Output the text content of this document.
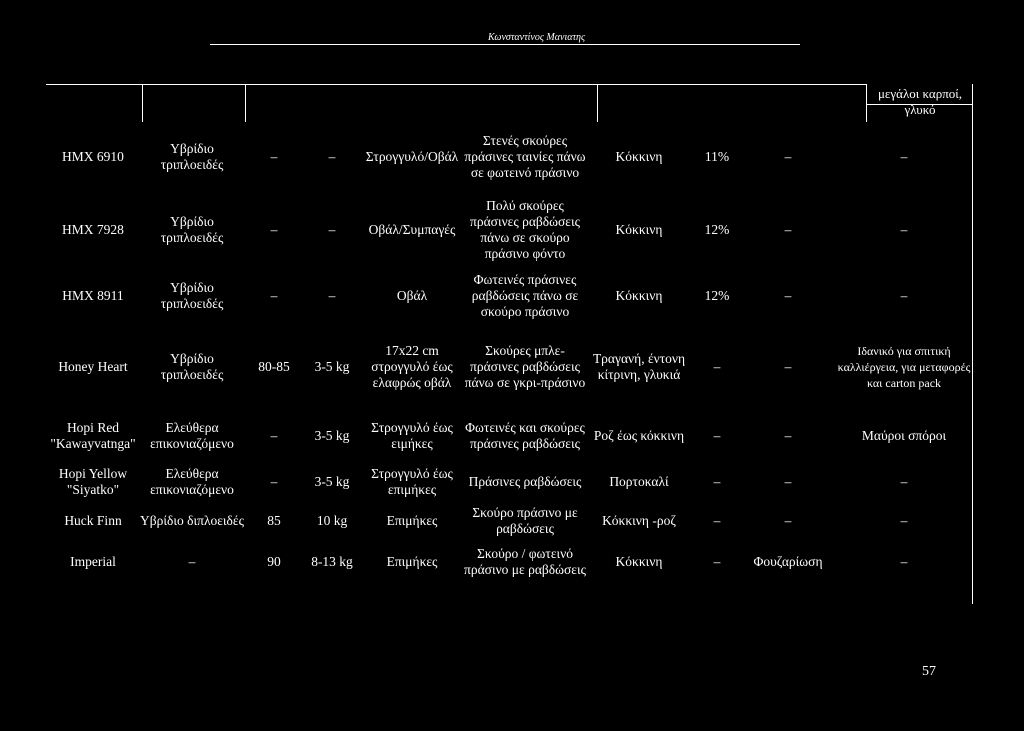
Κωνσταντίνος Μανιατης
μεγάλοι καρποί, γλυκό
HMX 6910	Υβρίδιο τριπλοειδές	–	–	Στρογγυλό/Οβάλ	Στενές σκούρες πράσινες ταινίες πάνω σε φωτεινό πράσινο	Κόκκινη	11%	–	–
HMX 7928	Υβρίδιο τριπλοειδές	–	–	Οβάλ/Συμπαγές	Πολύ σκούρες πράσινες ραβδώσεις πάνω σε σκούρο πράσινο φόντο	Κόκκινη	12%	–	–
HMX 8911	Υβρίδιο τριπλοειδές	–	–	Οβάλ	Φωτεινές πράσινες ραβδώσεις πάνω σε σκούρο πράσινο	Κόκκινη	12%	–	–
Honey Heart	Υβρίδιο τριπλοειδές	80-85	3-5 kg	17x22 cm στρογγυλό έως ελαφρώς οβάλ	Σκούρες μπλε-πράσινες ραβδώσεις πάνω σε γκρι-πράσινο	Τραγανή, έντονη κίτρινη, γλυκιά	–	–	Ιδανικό για σπιτική καλλιέργεια, για μεταφορές και carton pack
Hopi Red "Kawayvatnga"	Ελεύθερα επικονιαζόμενο	–	3-5 kg	Στρογγυλό έως ειμήκες	Φωτεινές και σκούρες πράσινες ραβδώσεις	Ροζ έως κόκκινη	–	–	Μαύροι σπόροι
Hopi Yellow "Siyatko"	Ελεύθερα επικονιαζόμενο	–	3-5 kg	Στρογγυλό έως επιμήκες	Πράσινες ραβδώσεις	Πορτοκαλί	–	–	–
Huck Finn	Υβρίδιο διπλοειδές	85	10 kg	Επιμήκες	Σκούρο πράσινο με ραβδώσεις	Κόκκινη -ροζ	–	–	–
Imperial	–	90	8-13 kg	Επιμήκες	Σκούρο / φωτεινό πράσινο με ραβδώσεις	Κόκκινη	–	Φουζαρίωση	–
57
